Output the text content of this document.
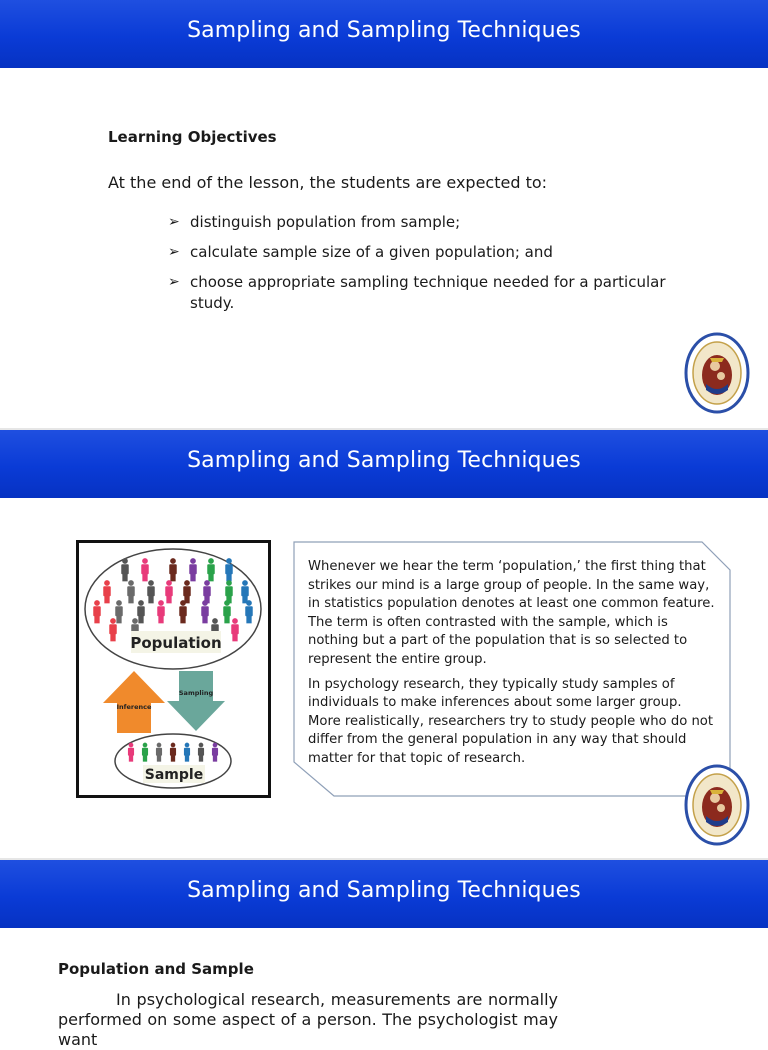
Sampling and Sampling Techniques
Learning Objectives
At the end of the lesson, the students are expected to:
➢ distinguish population from sample;
➢ calculate sample size of a given population; and
➢ choose appropriate sampling technique needed for a particular study.
Sampling and Sampling Techniques
Population
Inference
Sampling
Sample

Whenever we hear the term ‘population,’ the first thing that strikes our mind is a large group of people. In the same way, in statistics population denotes at least one common feature. The term is often contrasted with the sample, which is nothing but a part of the population that is so selected to represent the entire group.

In psychology research, they typically study samples of individuals to make inferences about some larger group. More realistically, researchers try to study people who do not differ from the general population in any way that should matter for that topic of research.

Sampling and Sampling Techniques
Population and Sample
In psychological research, measurements are normally performed on some aspect of a person. The psychologist may want
